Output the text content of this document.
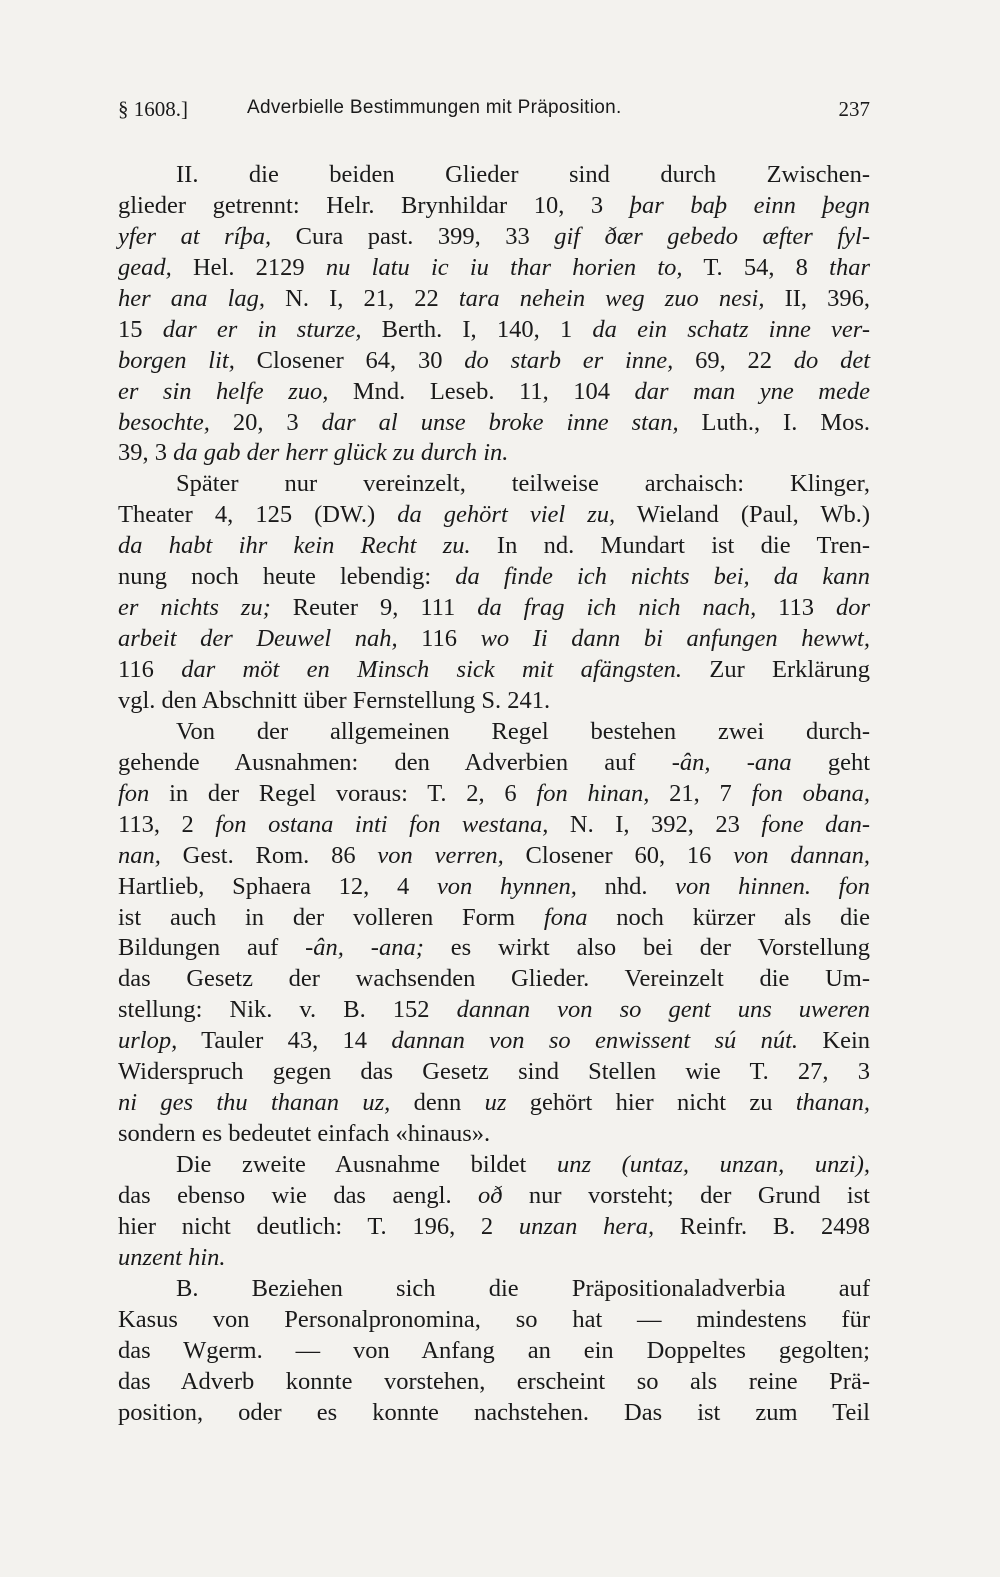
§ 1608.]	Adverbielle Bestimmungen mit Präposition.	237
II. die beiden Glieder sind durch Zwischen-
glieder getrennt: Helr. Brynhildar 10, 3 þar baþ einn þegn
yfer at ríþa, Cura past. 399, 33 gif ðær gebedo æfter fyl-
gead, Hel. 2129 nu latu ic iu thar horien to, T. 54, 8 thar
her ana lag, N. I, 21, 22 tara nehein weg zuo nesi, II, 396,
15 dar er in sturze, Berth. I, 140, 1 da ein schatz inne ver-
borgen lit, Closener 64, 30 do starb er inne, 69, 22 do det
er sin helfe zuo, Mnd. Leseb. 11, 104 dar man yne mede
besochte, 20, 3 dar al unse broke inne stan, Luth., I. Mos.
39, 3 da gab der herr glück zu durch in.
Später nur vereinzelt, teilweise archaisch: Klinger,
Theater 4, 125 (DW.) da gehört viel zu, Wieland (Paul, Wb.)
da habt ihr kein Recht zu. In nd. Mundart ist die Tren-
nung noch heute lebendig: da finde ich nichts bei, da kann
er nichts zu; Reuter 9, 111 da frag ich nich nach, 113 dor
arbeit der Deuwel nah, 116 wo Ii dann bi anfungen hewwt,
116 dar möt en Minsch sick mit afängsten. Zur Erklärung
vgl. den Abschnitt über Fernstellung S. 241.
Von der allgemeinen Regel bestehen zwei durch-
gehende Ausnahmen: den Adverbien auf -ân, -ana geht
fon in der Regel voraus: T. 2, 6 fon hinan, 21, 7 fon obana,
113, 2 fon ostana inti fon westana, N. I, 392, 23 fone dan-
nan, Gest. Rom. 86 von verren, Closener 60, 16 von dannan,
Hartlieb, Sphaera 12, 4 von hynnen, nhd. von hinnen. fon
ist auch in der volleren Form fona noch kürzer als die
Bildungen auf -ân, -ana; es wirkt also bei der Vorstellung
das Gesetz der wachsenden Glieder. Vereinzelt die Um-
stellung: Nik. v. B. 152 dannan von so gent uns uweren
urlop, Tauler 43, 14 dannan von so enwissent sú nút. Kein
Widerspruch gegen das Gesetz sind Stellen wie T. 27, 3
ni ges thu thanan uz, denn uz gehört hier nicht zu thanan,
sondern es bedeutet einfach «hinaus».
Die zweite Ausnahme bildet unz (untaz, unzan, unzi),
das ebenso wie das aengl. oð nur vorsteht; der Grund ist
hier nicht deutlich: T. 196, 2 unzan hera, Reinfr. B. 2498
unzent hin.
B. Beziehen sich die Präpositionaladverbia auf
Kasus von Personalpronomina, so hat — mindestens für
das Wgerm. — von Anfang an ein Doppeltes gegolten;
das Adverb konnte vorstehen, erscheint so als reine Prä-
position, oder es konnte nachstehen. Das ist zum Teil
